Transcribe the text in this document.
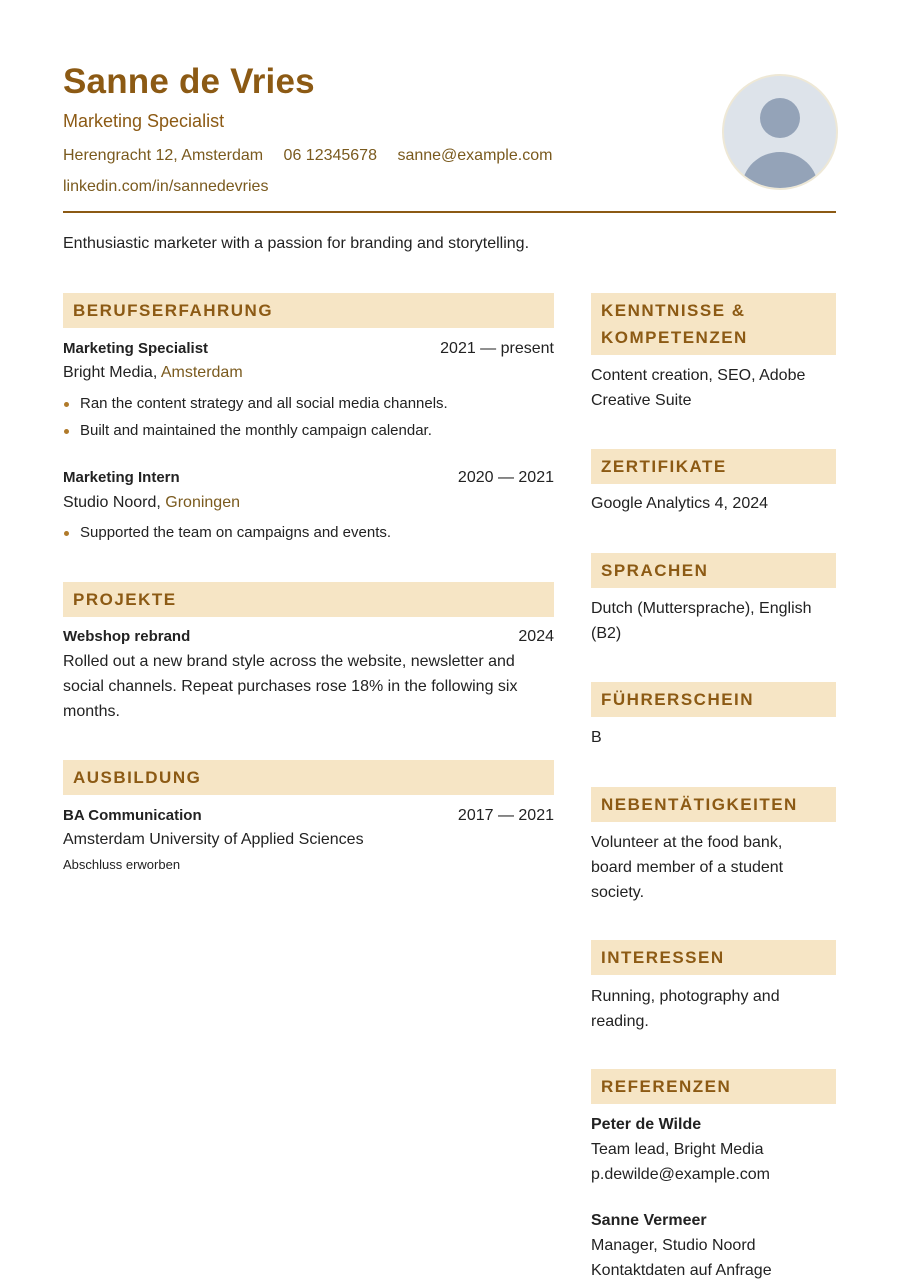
Sanne de Vries
Marketing Specialist
Herengracht 12, Amsterdam 06 12345678 sanne@example.com
linkedin.com/in/sannedevries
Enthusiastic marketer with a passion for branding and storytelling.
BERUFSERFAHRUNG
Marketing Specialist	2021 — present
Bright Media, Amsterdam
Ran the content strategy and all social media channels.
Built and maintained the monthly campaign calendar.
Marketing Intern	2020 — 2021
Studio Noord, Groningen
Supported the team on campaigns and events.
PROJEKTE
Webshop rebrand	2024
Rolled out a new brand style across the website, newsletter and
social channels. Repeat purchases rose 18% in the following six
months.
AUSBILDUNG
BA Communication	2017 — 2021
Amsterdam University of Applied Sciences
Abschluss erworben
KENNTNISSE &
KOMPETENZEN
Content creation, SEO, Adobe
Creative Suite
ZERTIFIKATE
Google Analytics 4, 2024
SPRACHEN
Dutch (Muttersprache), English
(B2)
FÜHRERSCHEIN
B
NEBENTÄTIGKEITEN
Volunteer at the food bank,
board member of a student
society.
INTERESSEN
Running, photography and
reading.
REFERENZEN
Peter de Wilde
Team lead, Bright Media
p.dewilde@example.com
Sanne Vermeer
Manager, Studio Noord
Kontaktdaten auf Anfrage
